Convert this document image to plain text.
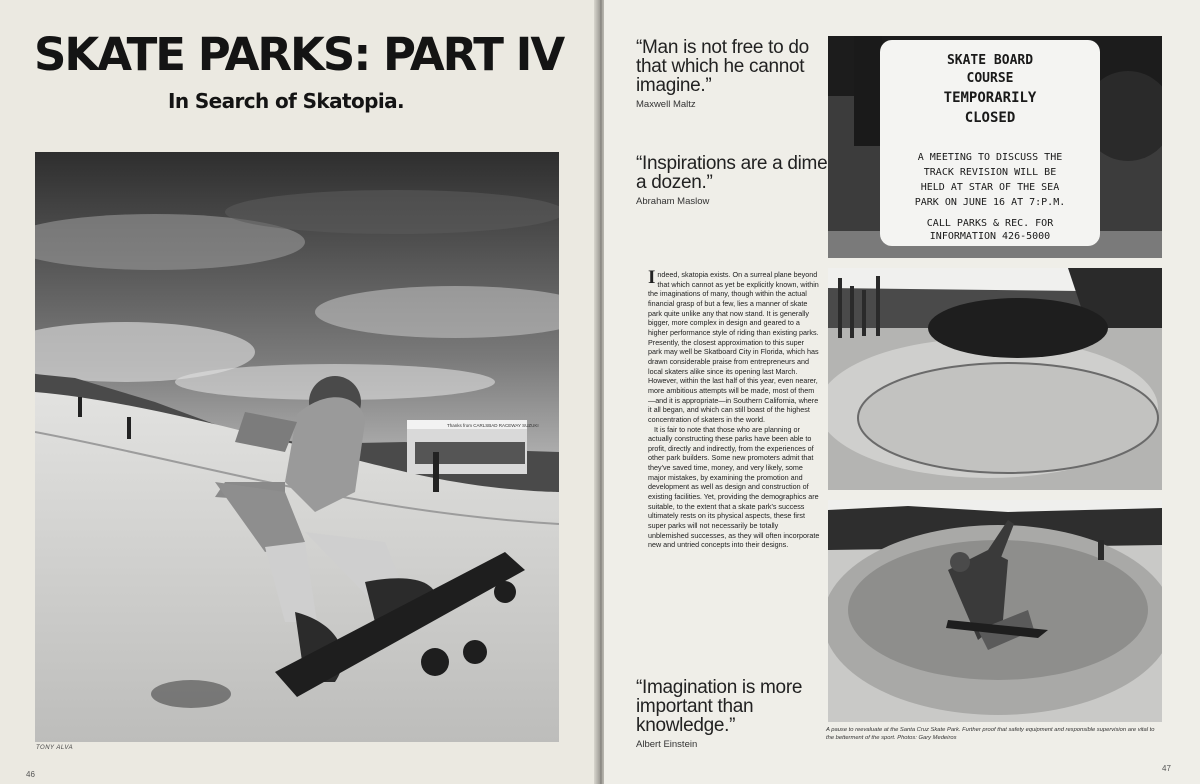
SKATE PARKS: PART IV
In Search of Skatopia.
Thanks from CARLSBAD RACEWAY SUZUKI
TONY ALVA
46
“Man is not free to do that which he cannot imagine.”
Maxwell Maltz
“Inspirations are a dime a dozen.”
Abraham Maslow

Indeed, skatopia exists. On a surreal plane beyond that which cannot as yet be explicitly known, within the imaginations of many, though within the actual financial grasp of but a few, lies a manner of skate park quite unlike any that now stand. It is generally bigger, more complex in design and geared to a higher performance style of riding than existing parks. Presently, the closest approximation to this super park may well be Skatboard City in Florida, which has drawn considerable praise from entrepreneurs and local skaters alike since its opening last March. However, within the last half of this year, even nearer, more ambitious attempts will be made, most of them—and it is appropriate—in Southern California, where it all began, and which can still boast of the highest concentration of skaters in the world.

It is fair to note that those who are planning or actually constructing these parks have been able to profit, directly and indirectly, from the experiences of other park builders. Some new promoters admit that they've saved time, money, and very likely, some major mistakes, by examining the promotion and development as well as design and construction of existing facilities. Yet, providing the demographics are suitable, to the extent that a skate park's success ultimately rests on its physical aspects, these first super parks will not necessarily be totally unblemished successes, as they will often incorporate new and untried concepts into their designs.

“Imagination is more important than knowledge.”
Albert Einstein
SKATE BOARD
COURSE
TEMPORARILY
CLOSED
A MEETING TO DISCUSS THE
TRACK REVISION WILL BE
HELD AT STAR OF THE SEA
PARK ON JUNE 16 AT 7:P.M.
CALL PARKS & REC. FOR
INFORMATION 426-5000
A pause to reevaluate at the Santa Cruz Skate Park. Further proof that safety equipment and responsible supervision are vital to the betterment of the sport. Photos: Gary Medeiros
47
